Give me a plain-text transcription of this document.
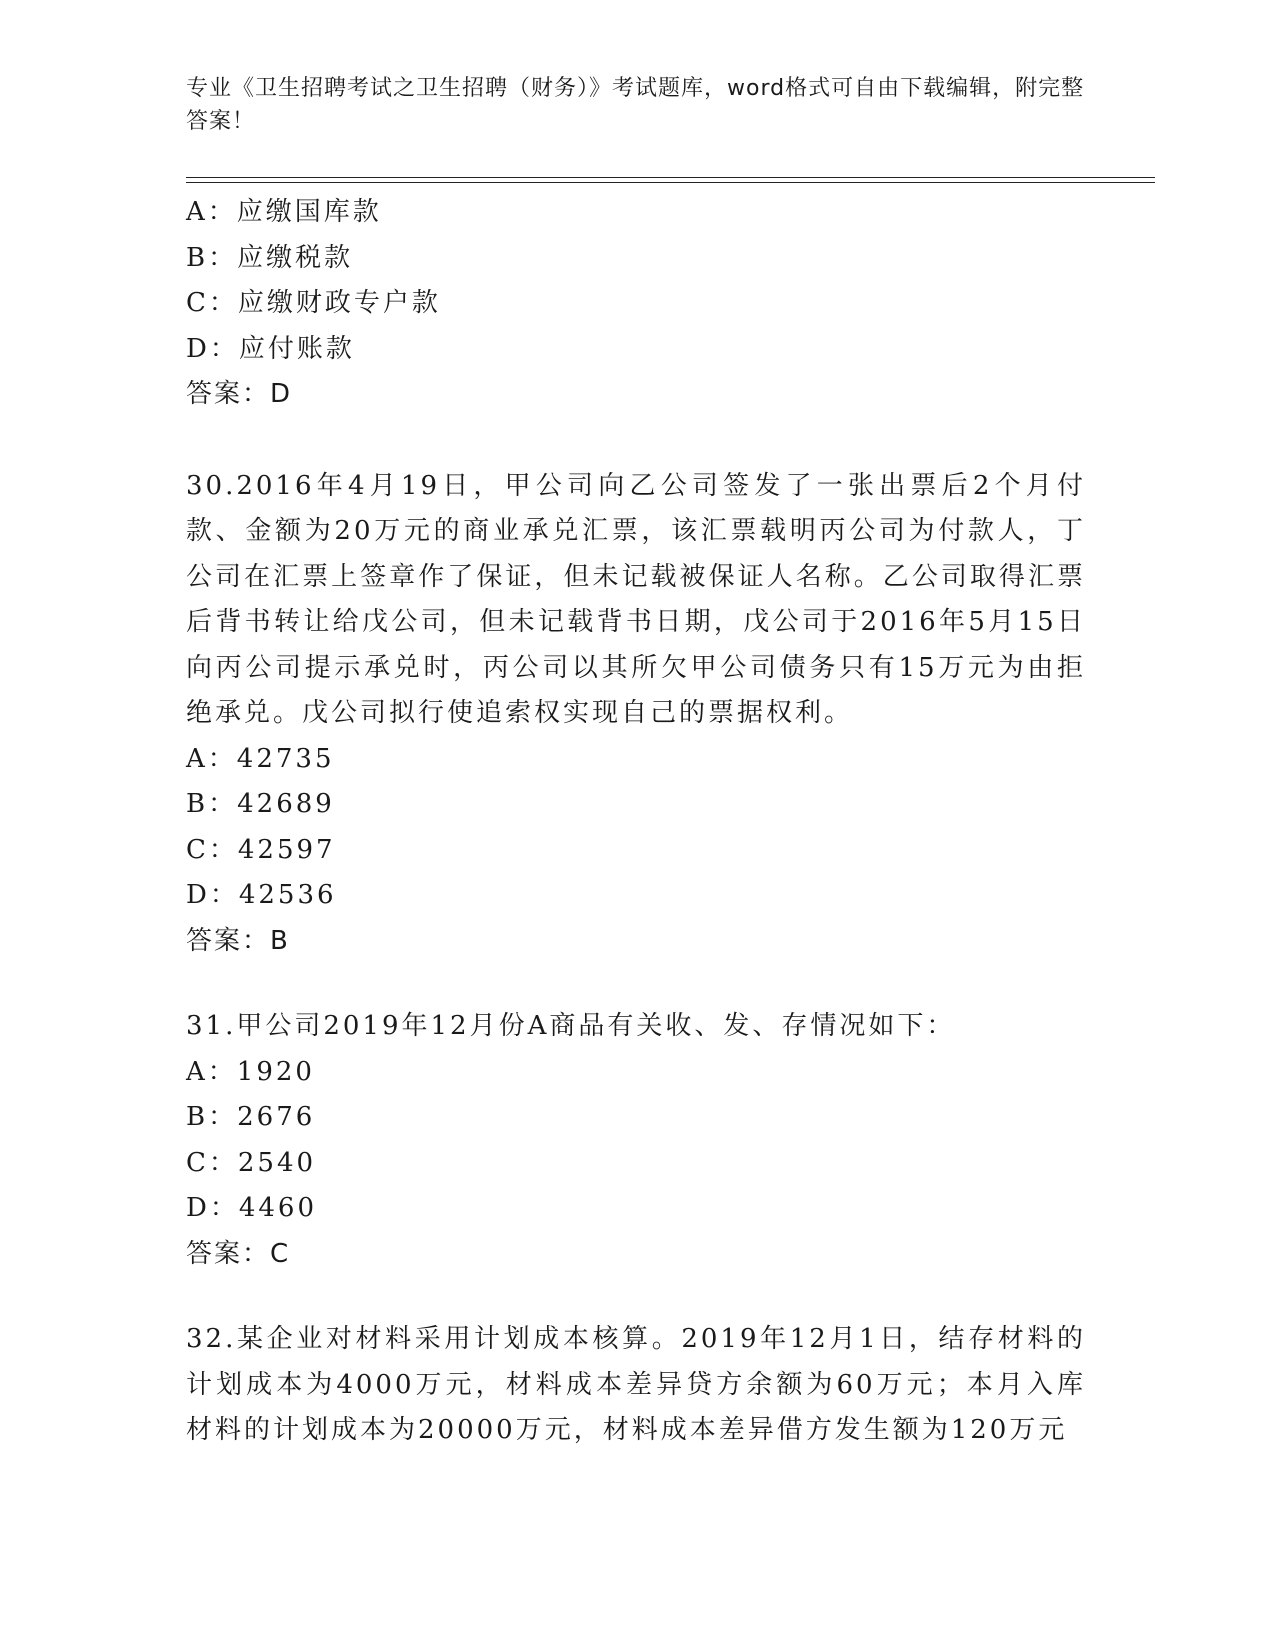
专业《卫生招聘考试之卫生招聘（财务）》考试题库，word格式可自由下载编辑，附完整答案！
A：应缴国库款
B：应缴税款
C：应缴财政专户款
D：应付账款
答案：D
30.2016年4月19日，甲公司向乙公司签发了一张出票后2个月付款、金额为20万元的商业承兑汇票，该汇票载明丙公司为付款人，丁公司在汇票上签章作了保证，但未记载被保证人名称。乙公司取得汇票后背书转让给戊公司，但未记载背书日期，戊公司于2016年5月15日向丙公司提示承兑时，丙公司以其所欠甲公司债务只有15万元为由拒绝承兑。戊公司拟行使追索权实现自己的票据权利。
A：42735
B：42689
C：42597
D：42536
答案：B
31.甲公司2019年12月份A商品有关收、发、存情况如下：
A：1920
B：2676
C：2540
D：4460
答案：C
32.某企业对材料采用计划成本核算。2019年12月1日，结存材料的计划成本为4000万元，材料成本差异贷方余额为60万元；本月入库材料的计划成本为20000万元，材料成本差异借方发生额为120万元
